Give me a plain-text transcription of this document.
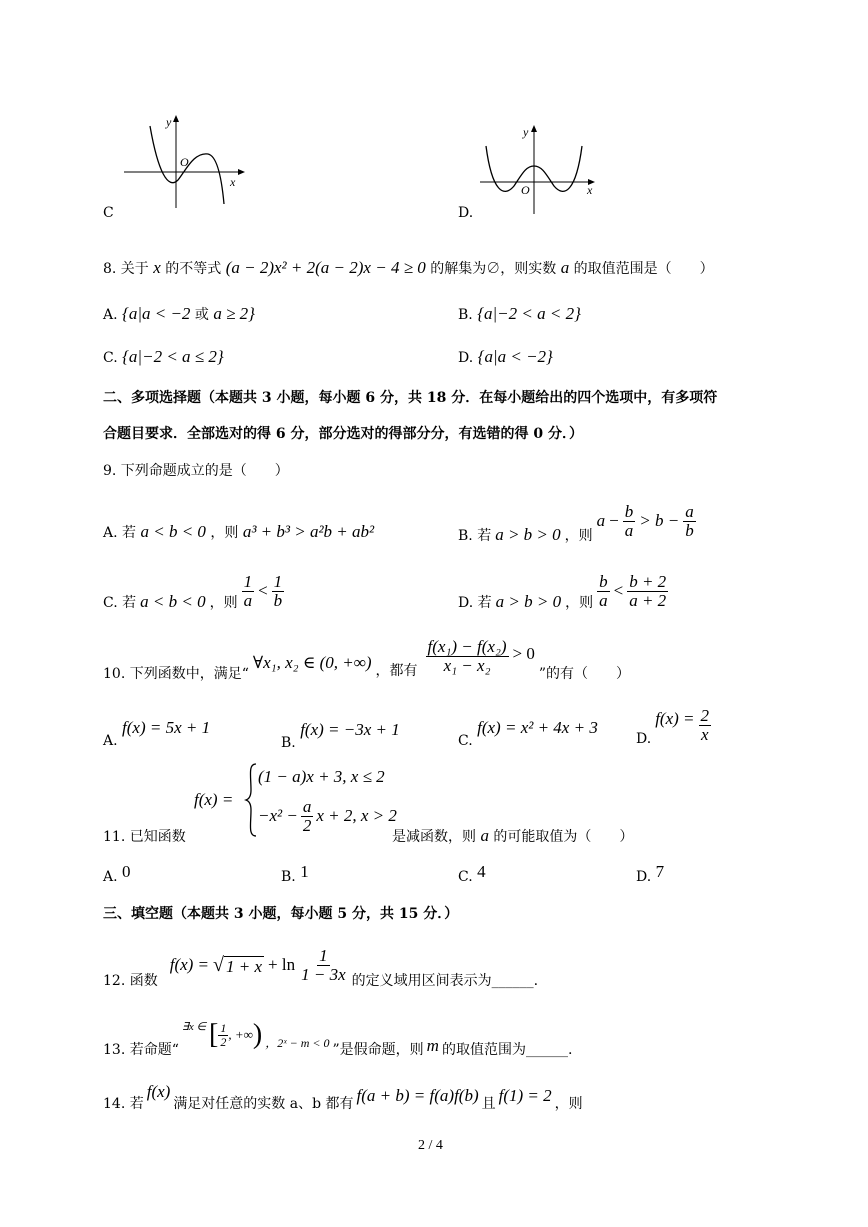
y
O
x
C
y
O	x
D.
8. 关于 x 的不等式 (a − 2)x² + 2(a − 2)x − 4 ≥ 0 的解集为∅，则实数 a 的取值范围是（　　）
A. {a|a < −2 或 a ≥ 2}	B. {a|−2 < a < 2}
C. {a|−2 < a ≤ 2}	D. {a|a < −2}
二、多项选择题（本题共 3 小题，每小题 6 分，共 18 分．在每小题给出的四个选项中，有多项符
合题目要求．全部选对的得 6 分，部分选对的得部分分，有选错的得 0 分．）
9. 下列命题成立的是（　　）
A. 若 a < b < 0 ，则 a³ + b³ > a²b + ab²	B. 若 a > b > 0 ，则
$a - \frac{b}{a} > b - \frac{a}{b}$
C. 若 a < b < 0 ，则 $\frac{1}{a} < \frac{1}{b}$	D. 若 a > b > 0 ，则 $\frac{b}{a} < \frac{b + 2}{a + 2}$
10. 下列函数中，满足“
∀x₁, x₂ ∈ (0, +∞) ，都有 $\frac{\text{f(x₁) − f(x₂)}}{\text{x₁ − x₂}} > 0$
”的有（　　）
A. f(x) = 5x + 1
B. f(x) = −3x + 1
C. f(x) = x² + 4x + 3
D.
$f(x) = \frac{2}{x}$
11. 已知函数
f(x) =
(1 − a)x + 3, x ≤ 2
$-x^2 - \frac{a}{2}$ x + 2, x > 2
是减函数，则 a 的可能取值为（　　）
A. 0	B. 1	C. 4	D. 7
三、填空题（本题共 3 小题，每小题 5 分，共 15 分．）
12. 函数
f(x) = √ $1 + x + \ln \frac{1}{1 - 3x}$ 的定义域用区间表示为______.
13. 若命题“
∃x ∈ [ $\frac{1}{2}$ , +∞ ) ，2ˣ − m < 0 ”是假命题，则 m 的取值范围为______.
14. 若
f(x)
满足对任意的实数 a、b 都有 f(a + b) = f(a)f(b) 且 f(1) = 2 ，则
2 / 4
